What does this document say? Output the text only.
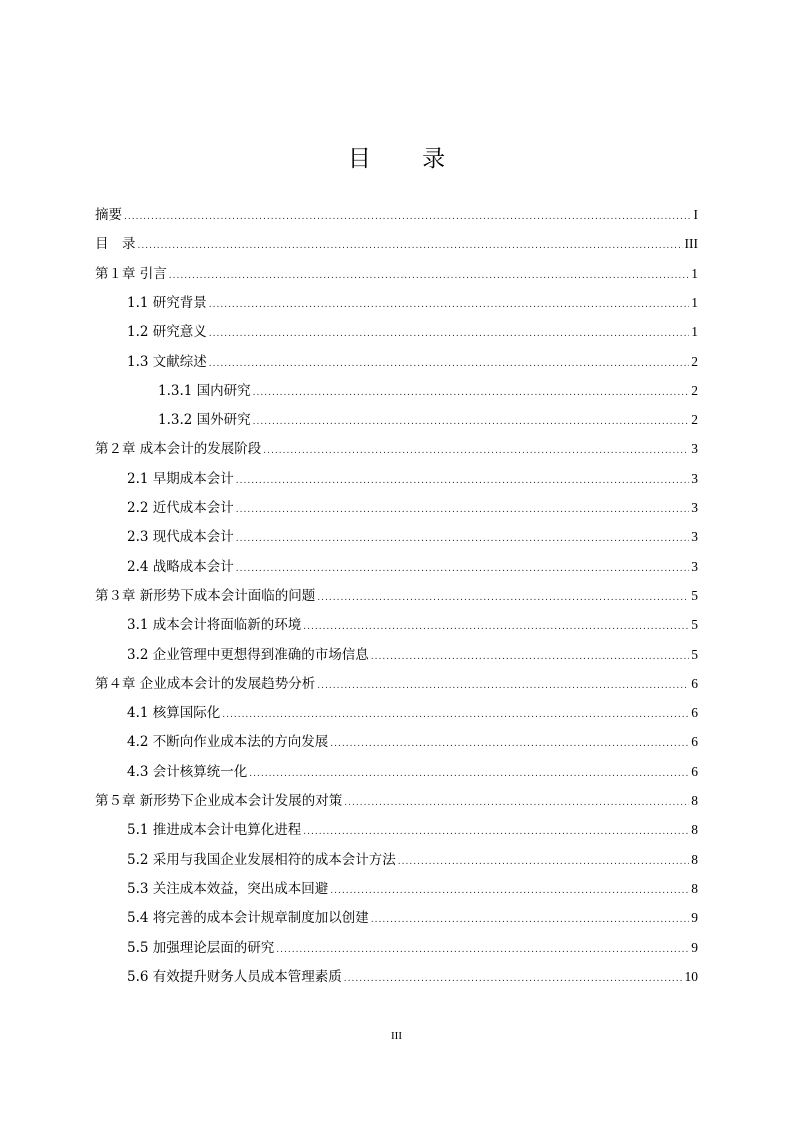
目 录
摘要 .....	I
目　录 .....	III
第１章 引言 .....	1
1.1 研究背景 .....	1
1.2 研究意义 .....	1
1.3 文献综述 .....	2
1.3.1 国内研究 .....	2
1.3.2 国外研究 .....	2
第２章 成本会计的发展阶段 .....	3
2.1 早期成本会计 .....	3
2.2 近代成本会计 .....	3
2.3 现代成本会计 .....	3
2.4 战略成本会计 .....	3
第３章 新形势下成本会计面临的问题 .....	5
3.1 成本会计将面临新的环境 .....	5
3.2 企业管理中更想得到准确的市场信息 .....	5
第４章 企业成本会计的发展趋势分析 .....	6
4.1 核算国际化 .....	6
4.2 不断向作业成本法的方向发展 .....	6
4.3 会计核算统一化 .....	6
第５章 新形势下企业成本会计发展的对策 .....	8
5.1 推进成本会计电算化进程 .....	8
5.2 采用与我国企业发展相符的成本会计方法 .....	8
5.3 关注成本效益，突出成本回避 .....	8
5.4 将完善的成本会计规章制度加以创建 .....	9
5.5 加强理论层面的研究 .....	9
5.6 有效提升财务人员成本管理素质 .....	10
III
